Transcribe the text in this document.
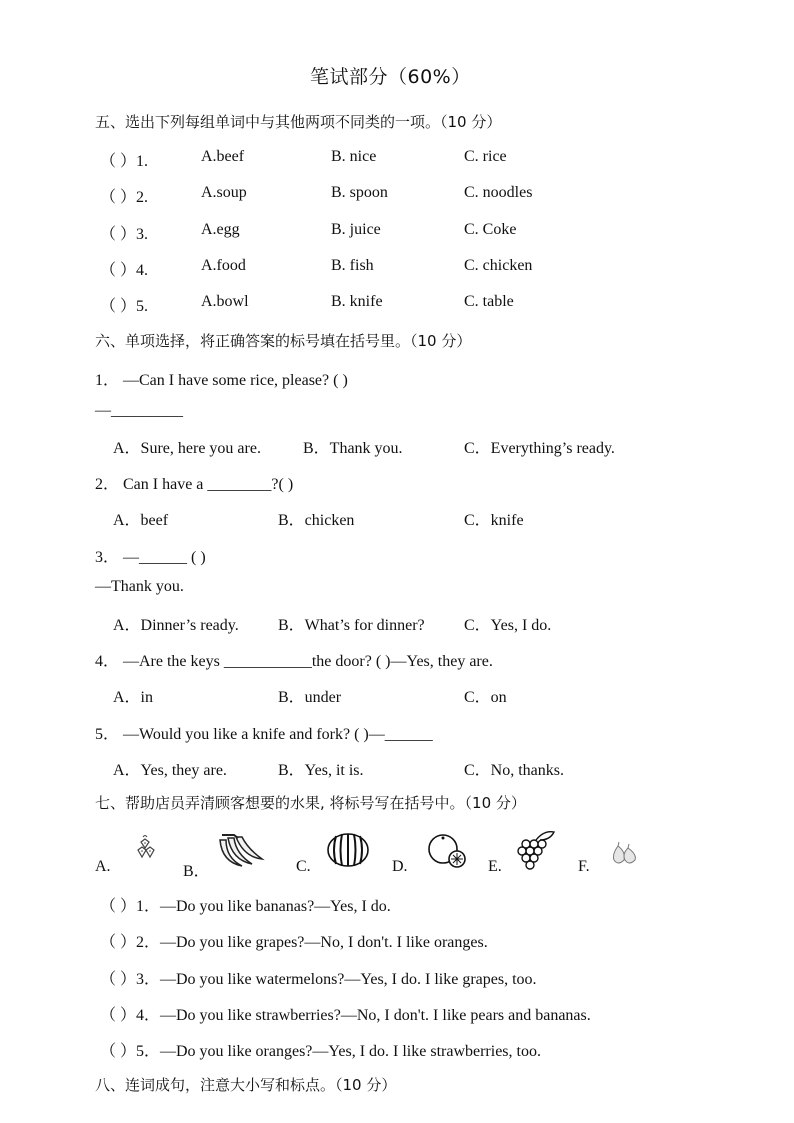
笔试部分（60%）
五、选出下列每组单词中与其他两项不同类的一项。（10 分）
（ ）1.	A.beef	B. nice	C. rice
（ ）2.	A.soup	B. spoon	C. noodles
（ ）3.	A.egg	B. juice	C. Coke
（ ）4.	A.food	B. fish	C. chicken
（ ）5.	A.bowl	B. knife	C. table
六、单项选择，将正确答案的标号填在括号里。（10 分）
1． —Can I have some rice, please? ( )
—_________
A．Sure, here you are.	B．Thank you.	C．Everything’s ready.
2． Can I have a ________?( )
A．beef	B．chicken	C．knife
3． —______ ( )
—Thank you.
A．Dinner’s ready. B．What’s for dinner? C．Yes, I do.
4． —Are the keys ___________the door? ( )—Yes, they are.
A．in	B．under	C．on
5． —Would you like a knife and fork? ( )—______
A．Yes, they are.	B．Yes, it is.	C．No, thanks.
七、帮助店员弄清顾客想要的水果, 将标号写在括号中。（10 分）
A.	B．	C.	D.	E.	F.
（ ）1．—Do you like bananas?—Yes, I do.
（ ）2．—Do you like grapes?—No, I don't. I like oranges.
（ ）3．—Do you like watermelons?—Yes, I do. I like grapes, too.
（ ）4．—Do you like strawberries?—No, I don't. I like pears and bananas.
（ ）5．—Do you like oranges?—Yes, I do. I like strawberries, too.
八、连词成句，注意大小写和标点。（10 分）
